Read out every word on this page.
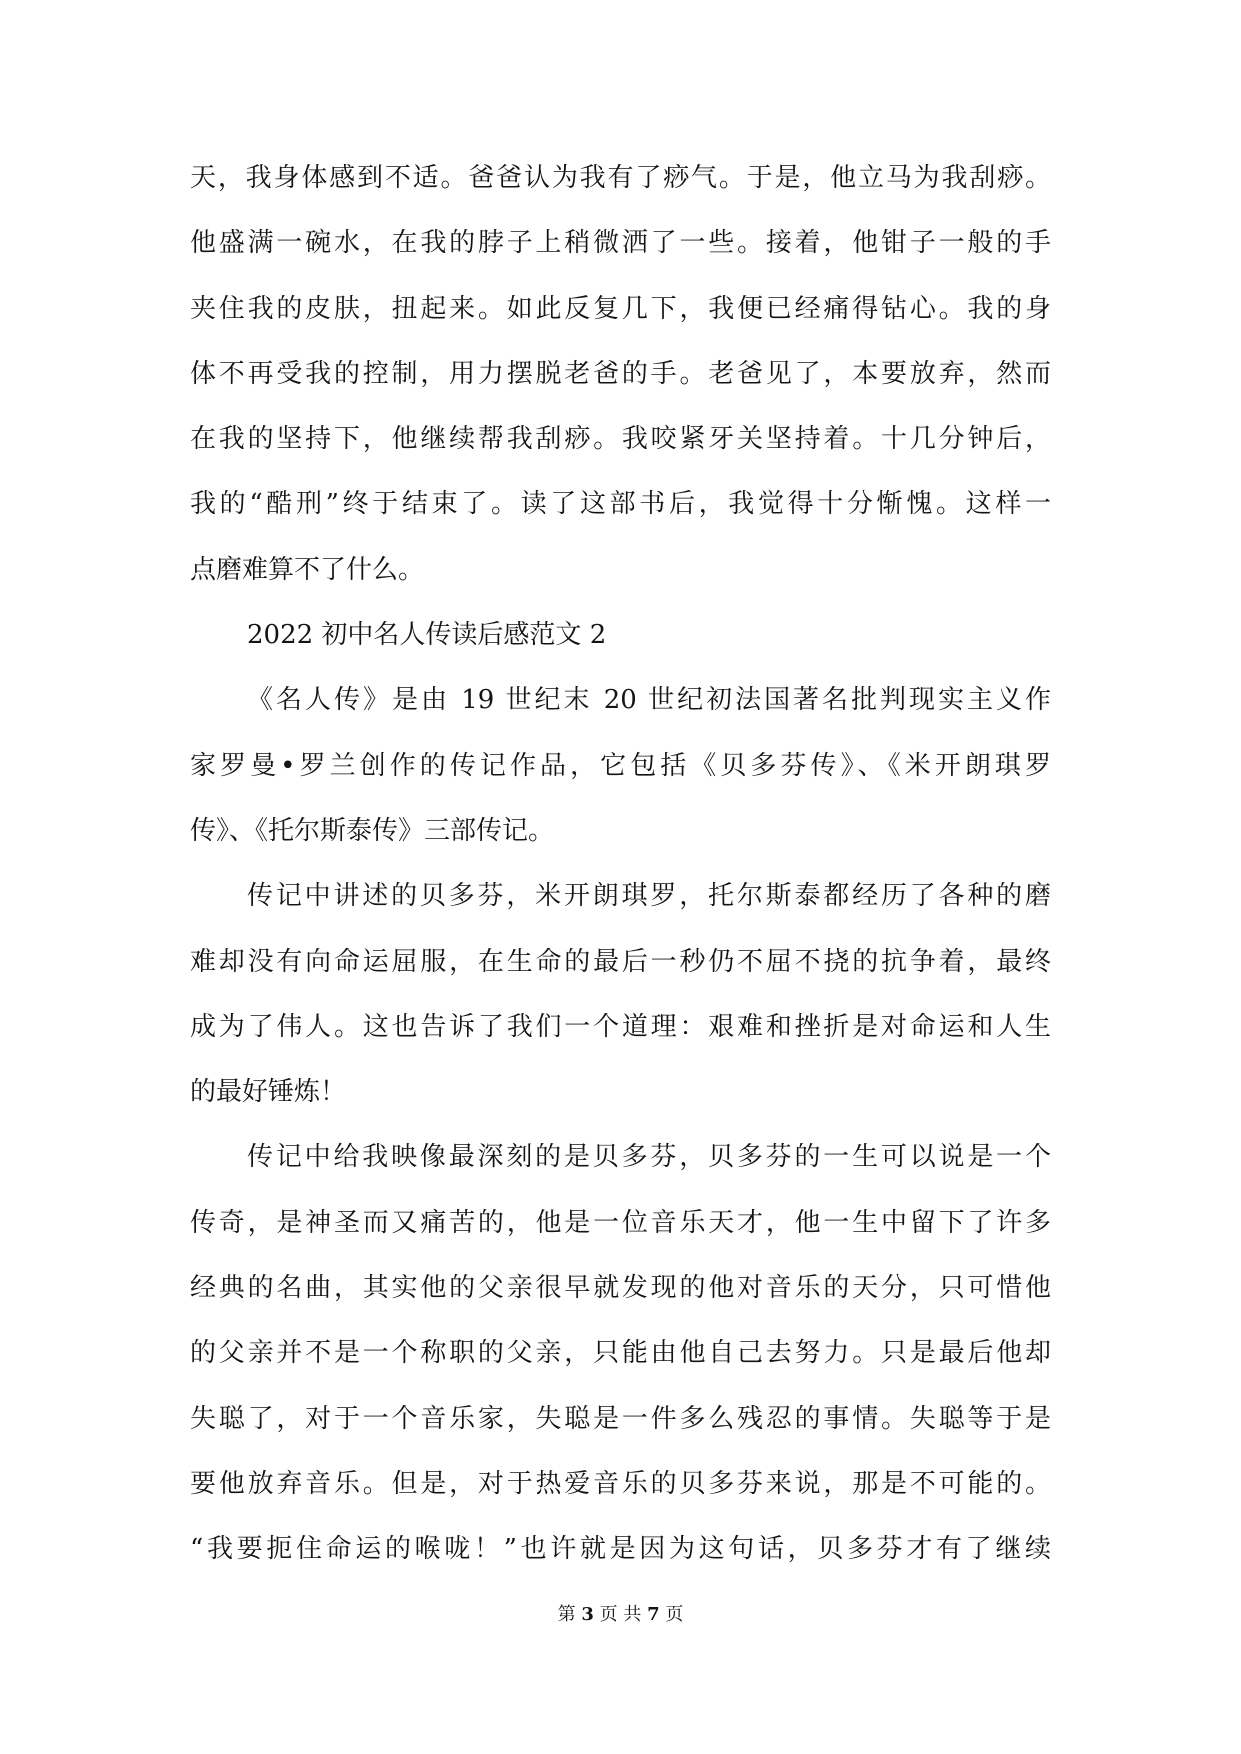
天，我身体感到不适。爸爸认为我有了痧气。于是，他立马为我刮痧。
他盛满一碗水，在我的脖子上稍微洒了一些。接着，他钳子一般的手
夹住我的皮肤，扭起来。如此反复几下，我便已经痛得钻心。我的身
体不再受我的控制，用力摆脱老爸的手。老爸见了，本要放弃，然而
在我的坚持下，他继续帮我刮痧。我咬紧牙关坚持着。十几分钟后，
我的“酷刑”终于结束了。读了这部书后，我觉得十分惭愧。这样一
点磨难算不了什么。
2022 初中名人传读后感范文 2
《名人传》是由 19 世纪末 20 世纪初法国著名批判现实主义作
家罗曼•罗兰创作的传记作品，它包括《贝多芬传》、《米开朗琪罗
传》、《托尔斯泰传》三部传记。
传记中讲述的贝多芬，米开朗琪罗，托尔斯泰都经历了各种的磨
难却没有向命运屈服，在生命的最后一秒仍不屈不挠的抗争着，最终
成为了伟人。这也告诉了我们一个道理：艰难和挫折是对命运和人生
的最好锤炼！
传记中给我映像最深刻的是贝多芬，贝多芬的一生可以说是一个
传奇，是神圣而又痛苦的，他是一位音乐天才，他一生中留下了许多
经典的名曲，其实他的父亲很早就发现的他对音乐的天分，只可惜他
的父亲并不是一个称职的父亲，只能由他自己去努力。只是最后他却
失聪了，对于一个音乐家，失聪是一件多么残忍的事情。失聪等于是
要他放弃音乐。但是，对于热爱音乐的贝多芬来说，那是不可能的。
“我要扼住命运的喉咙！”也许就是因为这句话，贝多芬才有了继续
第 3 页 共 7 页
